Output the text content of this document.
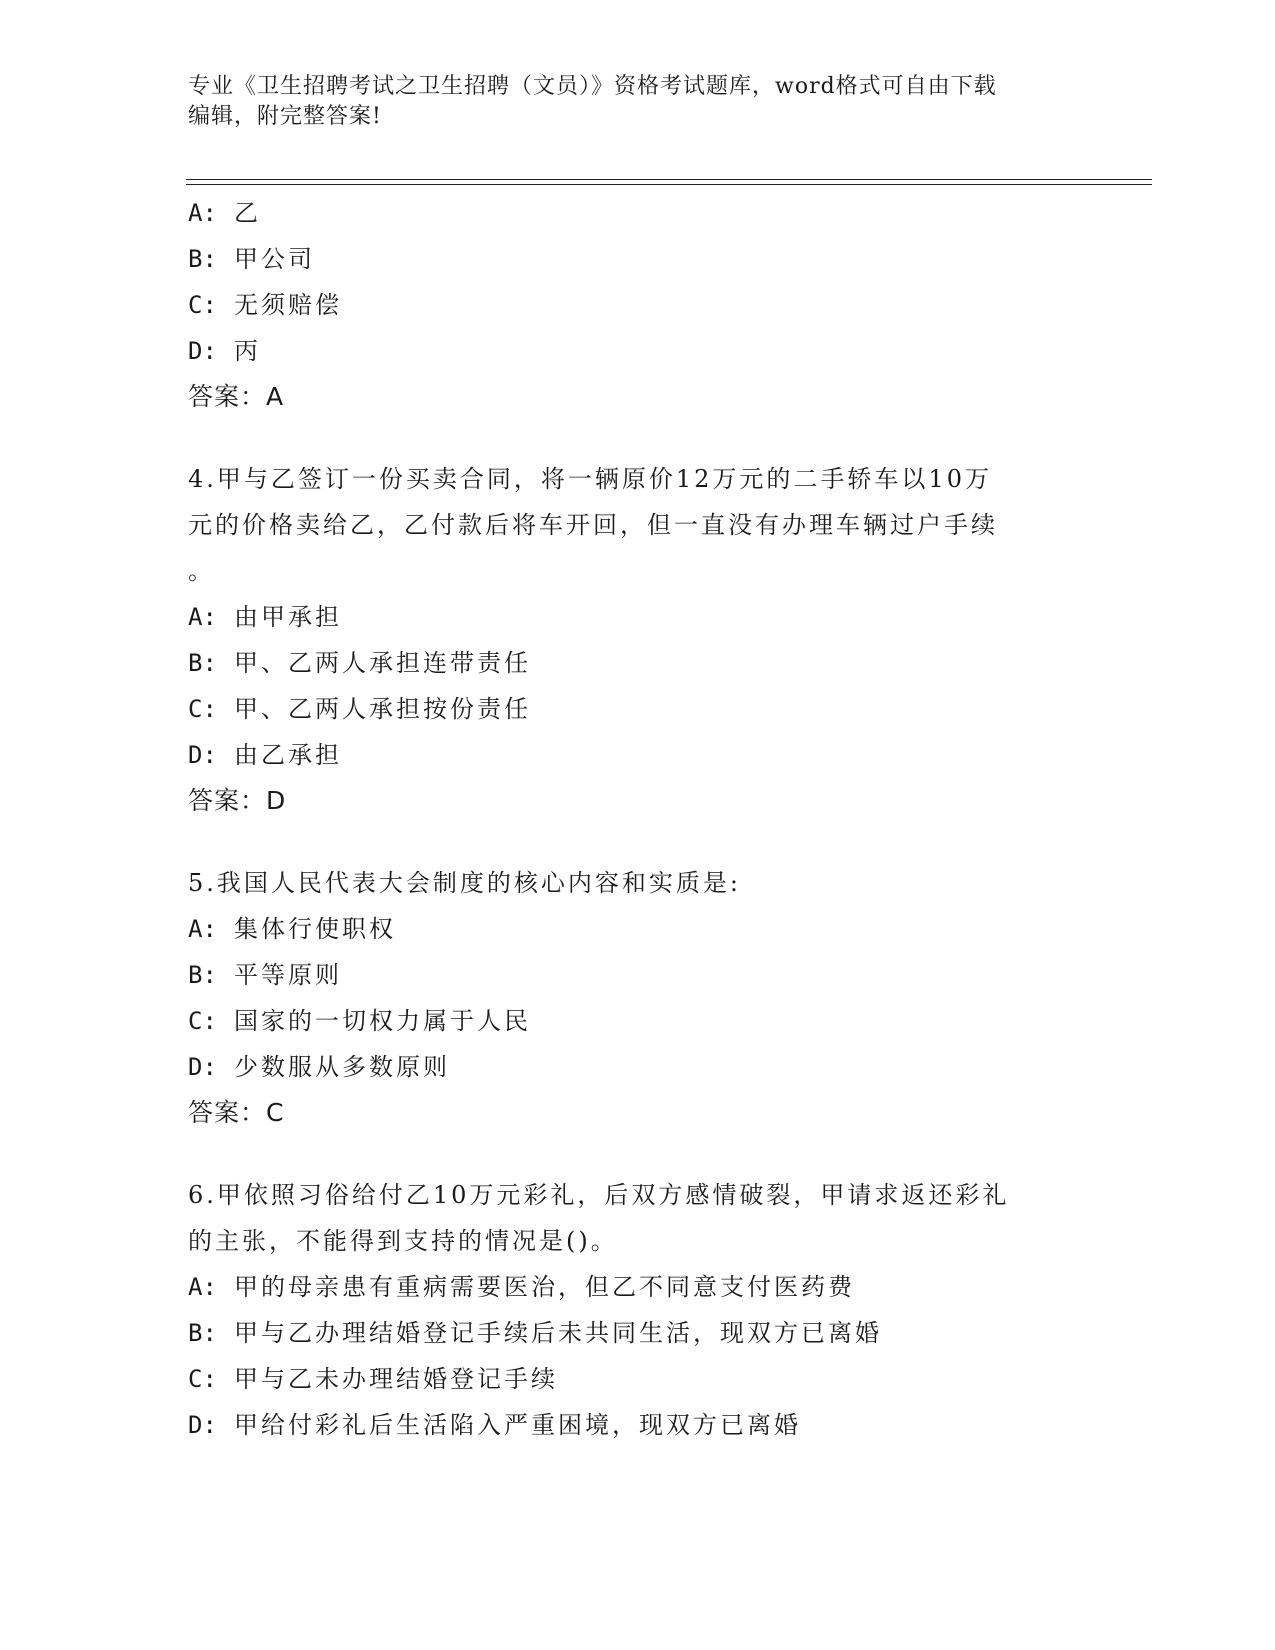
专业《卫生招聘考试之卫生招聘（文员）》资格考试题库，word格式可自由下载
编辑，附完整答案!
A: 乙
B: 甲公司
C: 无须赔偿
D: 丙
答案：A
4.甲与乙签订一份买卖合同，将一辆原价12万元的二手轿车以10万
元的价格卖给乙，乙付款后将车开回，但一直没有办理车辆过户手续
。
A: 由甲承担
B: 甲、乙两人承担连带责任
C: 甲、乙两人承担按份责任
D: 由乙承担
答案：D
5.我国人民代表大会制度的核心内容和实质是:
A: 集体行使职权
B: 平等原则
C: 国家的一切权力属于人民
D: 少数服从多数原则
答案：C
6.甲依照习俗给付乙10万元彩礼，后双方感情破裂，甲请求返还彩礼
的主张，不能得到支持的情况是()。
A: 甲的母亲患有重病需要医治，但乙不同意支付医药费
B: 甲与乙办理结婚登记手续后未共同生活，现双方已离婚
C: 甲与乙未办理结婚登记手续
D: 甲给付彩礼后生活陷入严重困境，现双方已离婚
